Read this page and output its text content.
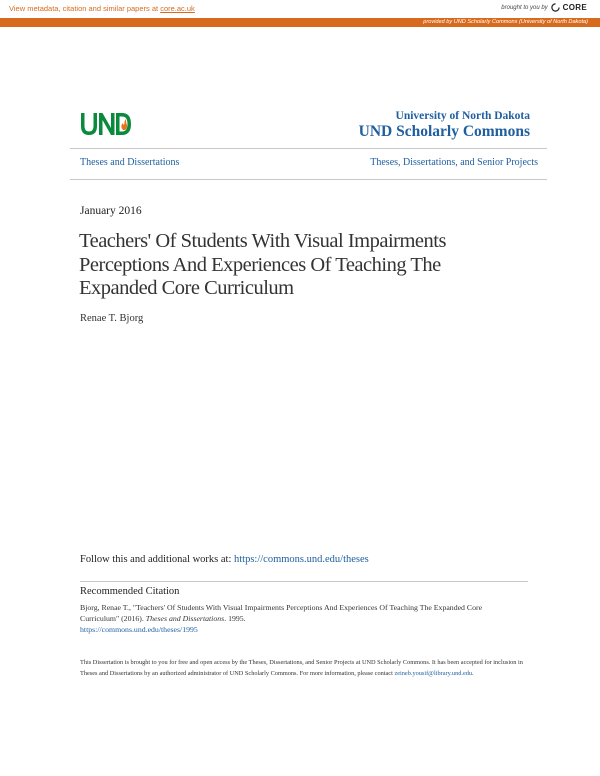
View metadata, citation and similar papers at core.ac.uk	brought to you by CORE
provided by UND Scholarly Commons (University of North Dakota)
University of North Dakota
UND Scholarly Commons
Theses and Dissertations	Theses, Dissertations, and Senior Projects
January 2016
Teachers' Of Students With Visual Impairments Perceptions And Experiences Of Teaching The Expanded Core Curriculum
Renae T. Bjorg
Follow this and additional works at: https://commons.und.edu/theses
Recommended Citation
Bjorg, Renae T., "Teachers' Of Students With Visual Impairments Perceptions And Experiences Of Teaching The Expanded Core Curriculum" (2016). Theses and Dissertations. 1995.
https://commons.und.edu/theses/1995
This Dissertation is brought to you for free and open access by the Theses, Dissertations, and Senior Projects at UND Scholarly Commons. It has been accepted for inclusion in Theses and Dissertations by an authorized administrator of UND Scholarly Commons. For more information, please contact zeineb.yousif@library.und.edu.
